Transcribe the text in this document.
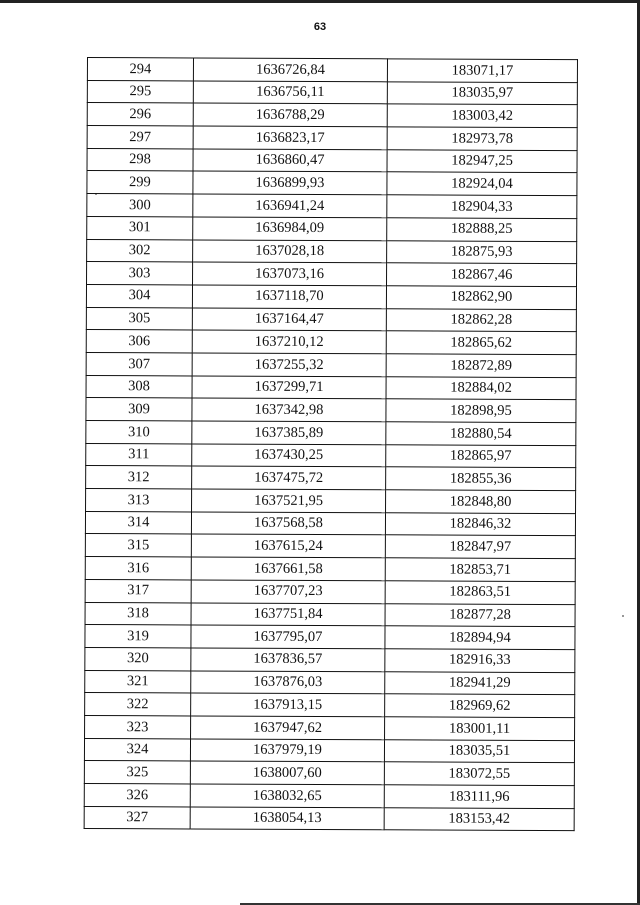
63
294	1636726,84	183071,17
295	1636756,11	183035,97
296	1636788,29	183003,42
297	1636823,17	182973,78
298	1636860,47	182947,25
299	1636899,93	182924,04
300	1636941,24	182904,33
301	1636984,09	182888,25
302	1637028,18	182875,93
303	1637073,16	182867,46
304	1637118,70	182862,90
305	1637164,47	182862,28
306	1637210,12	182865,62
307	1637255,32	182872,89
308	1637299,71	182884,02
309	1637342,98	182898,95
310	1637385,89	182880,54
311	1637430,25	182865,97
312	1637475,72	182855,36
313	1637521,95	182848,80
314	1637568,58	182846,32
315	1637615,24	182847,97
316	1637661,58	182853,71
317	1637707,23	182863,51
318	1637751,84	182877,28
319	1637795,07	182894,94
320	1637836,57	182916,33
321	1637876,03	182941,29
322	1637913,15	182969,62
323	1637947,62	183001,11
324	1637979,19	183035,51
325	1638007,60	183072,55
326	1638032,65	183111,96
327	1638054,13	183153,42
